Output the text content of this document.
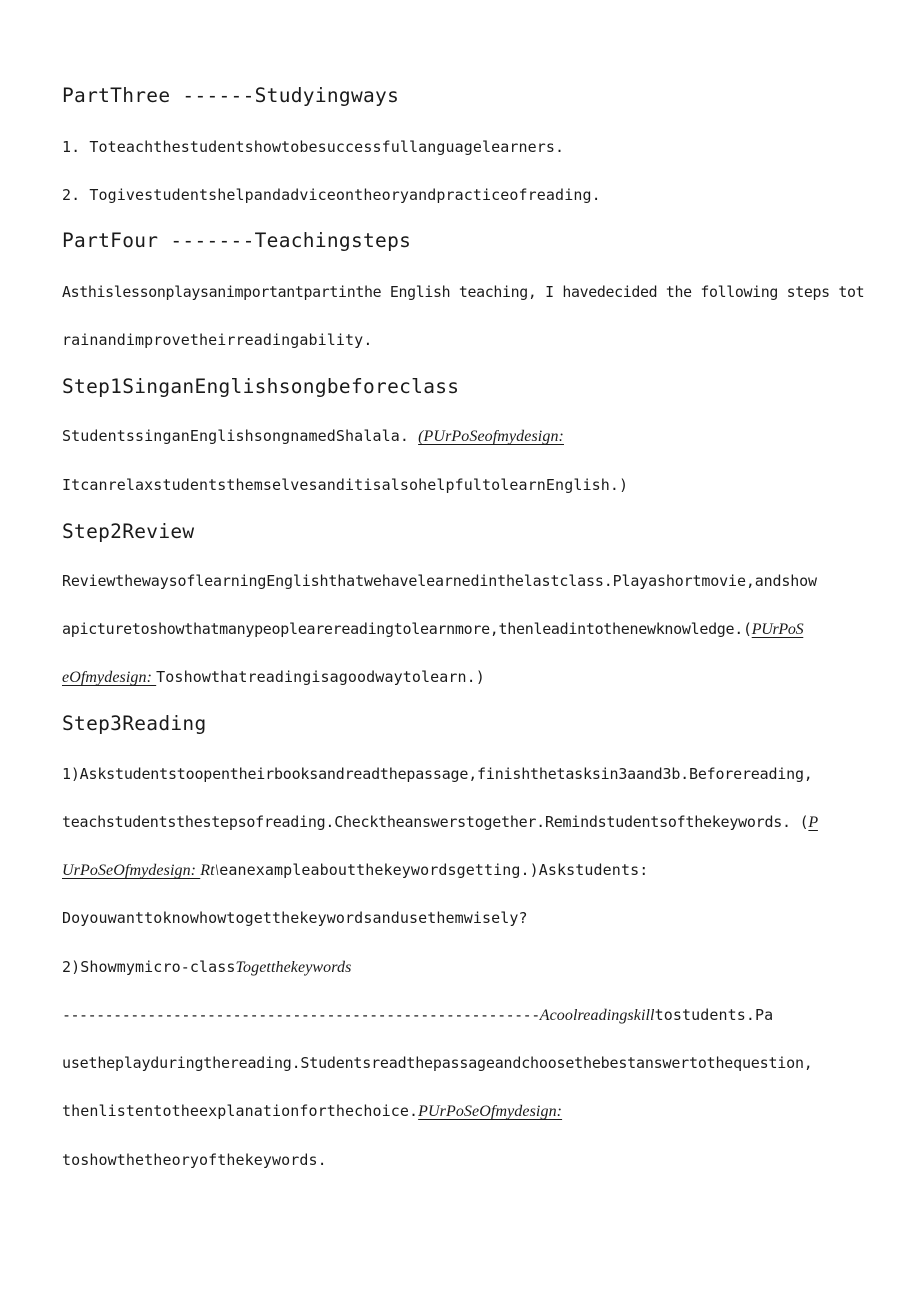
PartThree ------Studyingways
1. Toteachthestudentshowtobesuccessfullanguagelearners.
2. Togivestudentshelpandadviceontheoryandpracticeofreading.
PartFour -------Teachingsteps
Asthislessonplaysanimportantpartinthe English teaching, I havedecided the following steps tot
rainandimprovetheirreadingability.
Step1SinganEnglishsongbeforeclass
StudentssinganEnglishsongnamedShalala. (PUrPoSeofmydesign:
ItcanrelaxstudentsthemselvesanditisalsohelpfultolearnEnglish.)
Step2Review
ReviewthewaysoflearningEnglishthatwehavelearnedinthelastclass.Playashortmovie,andshow
apicturetoshowthatmanypeoplearereadingtolearnmore,thenleadintothenewknowledge.(PUrPoS
eOfmydesign: Toshowthatreadingisagoodwaytolearn.)
Step3Reading
1)Askstudentstoopentheirbooksandreadthepassage,finishthetasksin3aand3b.Beforereading,
teachstudentsthestepsofreading.Checktheanswerstogether.Remindstudentsofthekeywords. (P
UrPoSeOfmydesign: Rt\eanexampleaboutthekeywordsgetting.)Askstudents:
Doyouwanttoknowhowtogetthekeywordsandusethemwisely?
2)Showmymicro-classTogetthekeywords
--------------------------------------------------------Acoolreadingskilltostudents.Pa
usetheplayduringthereading.Studentsreadthepassageandchoosethebestanswertothequestion,
thenlistentotheexplanationforthechoice.PUrPoSeOfmydesign:
toshowthetheoryofthekeywords.
